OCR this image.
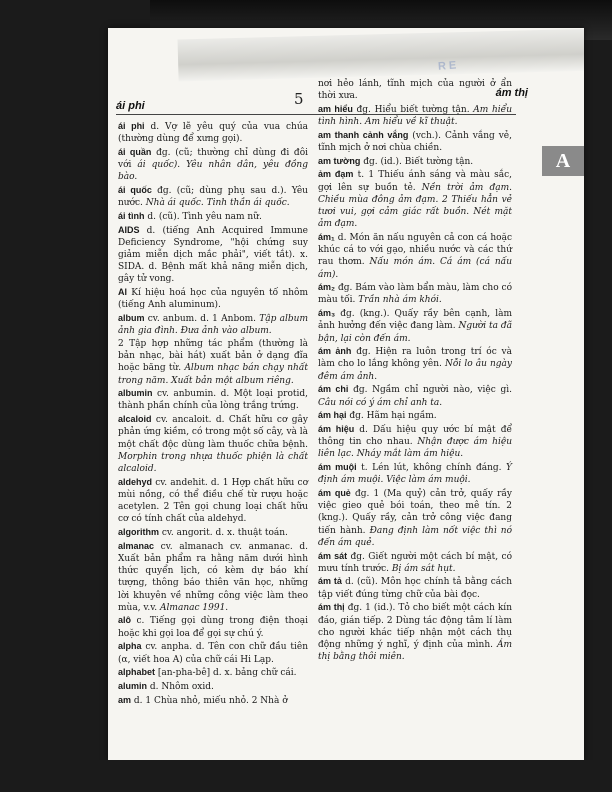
RE
5
ái phi
ám thị
A
ái phi d. Vợ lẽ yêu quý của vua chúa (thường dùng để xưng gọi).
ái quần đg. (cũ; thường chỉ dùng đi đôi với ái quốc). Yêu nhân dân, yêu đồng bào.
ái quốc đg. (cũ; dùng phụ sau d.). Yêu nước. Nhà ái quốc. Tinh thần ái quốc.
ái tình d. (cũ). Tình yêu nam nữ.
AIDS d. (tiếng Anh Acquired Immune Deficiency Syndrome, "hội chứng suy giảm miễn dịch mắc phải", viết tắt). x. SIDA. d. Bệnh mất khả năng miễn dịch, gây tử vong.
Al Kí hiệu hoá học của nguyên tố nhôm (tiếng Anh aluminum).
album cv. anbum. d. 1 Anbom. Tập album ảnh gia đình. Đưa ảnh vào album.
2 Tập hợp những tác phẩm (thường là bản nhạc, bài hát) xuất bản ở dạng đĩa hoặc băng từ. Album nhạc bán chạy nhất trong năm. Xuất bản một album riêng.
albumin cv. anbumin. d. Một loại protid, thành phần chính của lòng trắng trứng.
alcaloid cv. ancaloit. d. Chất hữu cơ gây phản ứng kiềm, có trong một số cây, và là một chất độc dùng làm thuốc chữa bệnh. Morphin trong nhựa thuốc phiện là chất alcaloid.
aldehyd cv. andehit. d. 1 Hợp chất hữu cơ mùi nồng, có thể điều chế từ rượu hoặc acetylen. 2 Tên gọi chung loại chất hữu cơ có tính chất của aldehyd.
algorithm cv. angorit. d. x. thuật toán.
almanac cv. almanach cv. anmanac. d. Xuất bản phẩm ra hằng năm dưới hình thức quyển lịch, có kèm dự báo khí tượng, thông báo thiên văn học, những lời khuyên về những công việc làm theo mùa, v.v. Almanac 1991.
alô c. Tiếng gọi dùng trong điện thoại hoặc khi gọi loa để gọi sự chú ý.
alpha cv. anpha. d. Tên con chữ đầu tiên (α, viết hoa A) của chữ cái Hi Lạp.
alphabet [an-pha-bê] d. x. bảng chữ cái.
alumin d. Nhôm oxid.
am d. 1 Chùa nhỏ, miếu nhỏ. 2 Nhà ở
nơi hẻo lánh, tĩnh mịch của người ở ẩn thời xưa.
am hiểu đg. Hiểu biết tường tận. Am hiểu tình hình. Am hiểu về kĩ thuật.
am thanh cảnh vắng (vch.). Cảnh vắng vẻ, tĩnh mịch ở nơi chùa chiền.
am tường đg. (id.). Biết tường tận.
ảm đạm t. 1 Thiếu ánh sáng và màu sắc, gợi lên sự buồn tẻ. Nền trời ảm đạm. Chiều mùa đông ảm đạm. 2 Thiếu hẳn vẻ tươi vui, gợi cảm giác rất buồn. Nét mặt ảm đạm.
ám₁ d. Món ăn nấu nguyên cả con cá hoặc khúc cá to với gạo, nhiều nước và các thứ rau thơm. Nấu món ám. Cá ám (cá nấu ám).
ám₂ đg. Bám vào làm bẩn màu, làm cho có màu tối. Trần nhà ám khói.
ám₃ đg. (kng.). Quấy rầy bên cạnh, làm ảnh hưởng đến việc đang làm. Người ta đã bận, lại còn đến ám.
ám ảnh đg. Hiện ra luôn trong trí óc và làm cho lo lắng không yên. Nỗi lo âu ngày đêm ám ảnh.
ám chỉ đg. Ngầm chỉ người nào, việc gì. Câu nói có ý ám chỉ anh ta.
ám hại đg. Hãm hại ngầm.
ám hiệu d. Dấu hiệu quy ước bí mật để thông tin cho nhau. Nhận được ám hiệu liên lạc. Nháy mắt làm ám hiệu.
ám muội t. Lén lút, không chính đáng. Ý định ám muội. Việc làm ám muội.
ám quẻ đg. 1 (Ma quỷ) cản trở, quấy rầy việc gieo quẻ bói toán, theo mê tín. 2 (kng.). Quấy rầy, cản trở công việc đang tiến hành. Đang định làm nốt việc thì nó đến ám quẻ.
ám sát đg. Giết người một cách bí mật, có mưu tính trước. Bị ám sát hụt.
ám tả d. (cũ). Môn học chính tả bằng cách tập viết đúng từng chữ của bài đọc.
ám thị đg. 1 (id.). Tỏ cho biết một cách kín đáo, gián tiếp. 2 Dùng tác động tâm lí làm cho người khác tiếp nhận một cách thụ động những ý nghĩ, ý định của mình. Ám thị bằng thôi miên.
